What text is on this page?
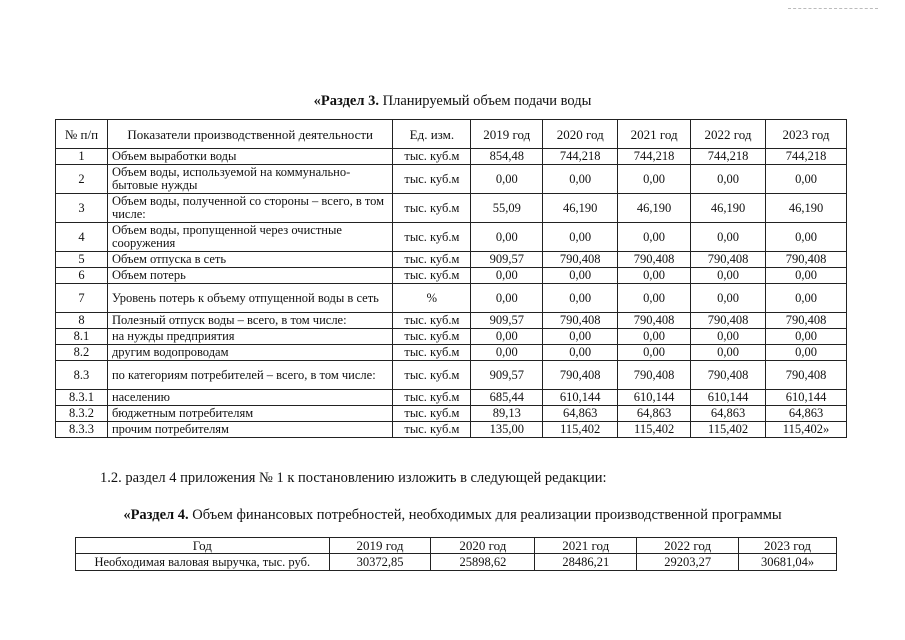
«Раздел 3. Планируемый объем подачи воды
№ п/п	Показатели производственной деятельности	Ед. изм.	2019 год	2020 год	2021 год	2022 год	2023 год
1	Объем выработки воды	тыс. куб.м	854,48	744,218	744,218	744,218	744,218
2	Объем воды, используемой на коммунально-бытовые нужды	тыс. куб.м	0,00	0,00	0,00	0,00	0,00
3	Объем воды, полученной со стороны – всего, в том числе:	тыс. куб.м	55,09	46,190	46,190	46,190	46,190
4	Объем воды, пропущенной через очистные сооружения	тыс. куб.м	0,00	0,00	0,00	0,00	0,00
5	Объем отпуска в сеть	тыс. куб.м	909,57	790,408	790,408	790,408	790,408
6	Объем потерь	тыс. куб.м	0,00	0,00	0,00	0,00	0,00
7	Уровень потерь к объему отпущенной воды в сеть	%	0,00	0,00	0,00	0,00	0,00
8	Полезный отпуск воды – всего, в том числе:	тыс. куб.м	909,57	790,408	790,408	790,408	790,408
8.1	на нужды предприятия	тыс. куб.м	0,00	0,00	0,00	0,00	0,00
8.2	другим водопроводам	тыс. куб.м	0,00	0,00	0,00	0,00	0,00
8.3	по категориям потребителей – всего, в том числе:	тыс. куб.м	909,57	790,408	790,408	790,408	790,408
8.3.1	населению	тыс. куб.м	685,44	610,144	610,144	610,144	610,144
8.3.2	бюджетным потребителям	тыс. куб.м	89,13	64,863	64,863	64,863	64,863
8.3.3	прочим потребителям	тыс. куб.м	135,00	115,402	115,402	115,402	115,402»
1.2. раздел 4 приложения № 1 к постановлению изложить в следующей редакции:
«Раздел 4. Объем финансовых потребностей, необходимых для реализации производственной программы
Год	2019 год	2020 год	2021 год	2022 год	2023 год
Необходимая валовая выручка, тыс. руб.	30372,85	25898,62	28486,21	29203,27	30681,04»
